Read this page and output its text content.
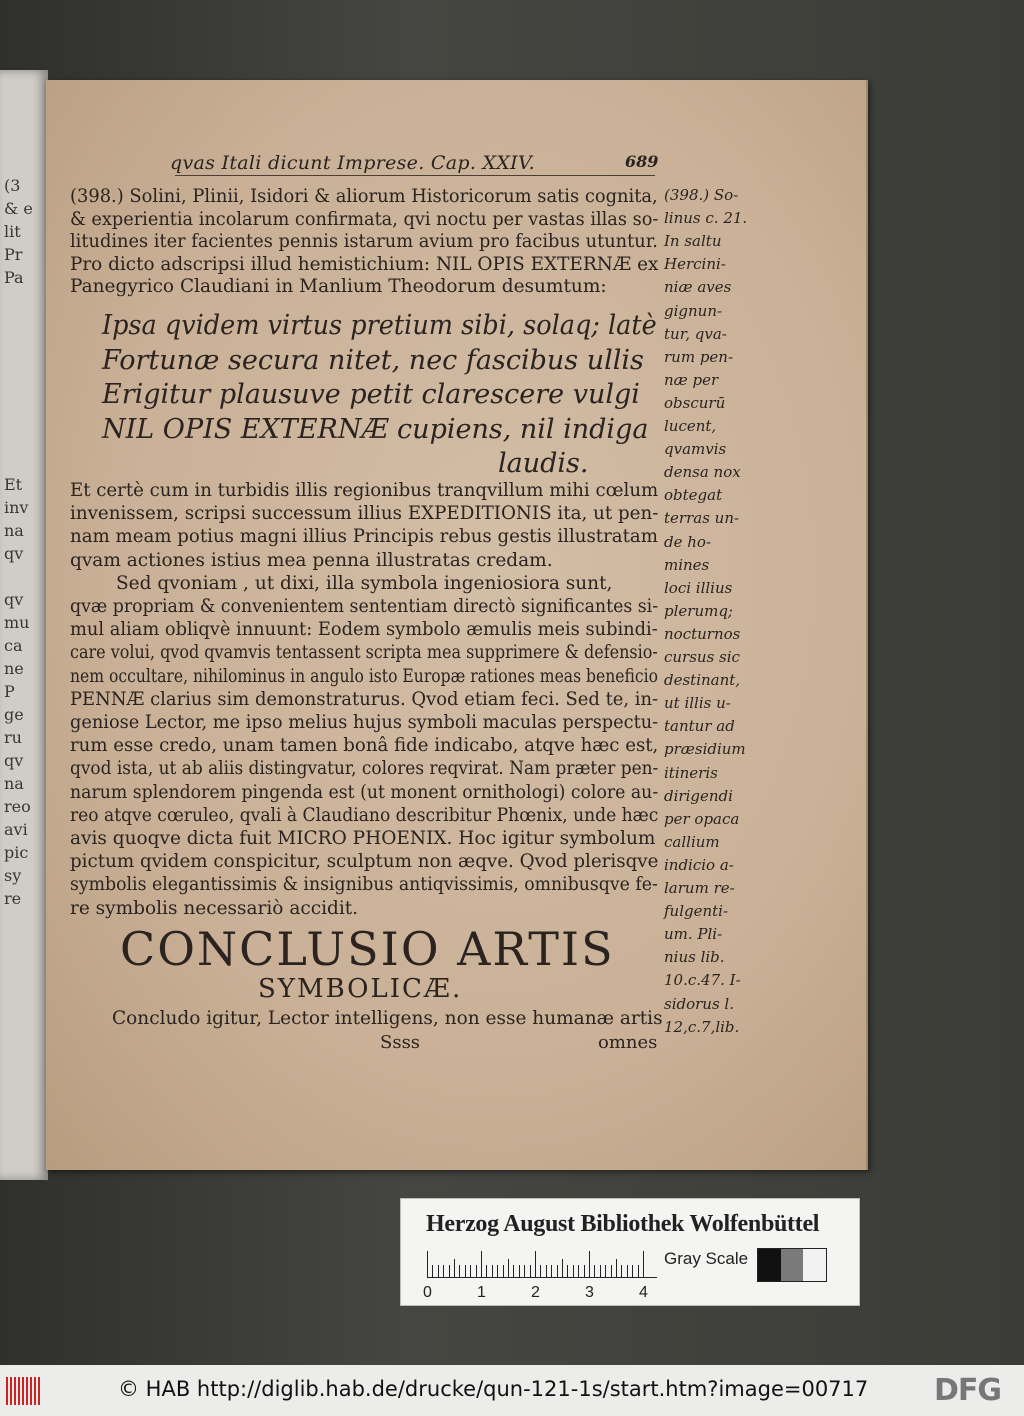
(3
& e
lit
Pr
Pa

Et
inv
na
qv

qv
mu
ca
ne
P
ge
ru
qv
na
reo
avi
pic
sy
re
qvas Itali dicunt Imprese. Cap. XXIV.	689
(398.) Solini, Plinii, Isidori & aliorum Historicorum satis cognita,
& experientia incolarum confirmata, qvi noctu per vastas illas so-
litudines iter facientes pennis istarum avium pro facibus utuntur.
Pro dicto adscripsi illud hemistichium: NIL OPIS EXTERNÆ ex
Panegyrico Claudiani in Manlium Theodorum desumtum:
Ipsa qvidem virtus pretium sibi, solaq; latè
Fortunæ secura nitet, nec fascibus ullis
Erigitur plausuve petit clarescere vulgi
NIL OPIS EXTERNÆ cupiens, nil indiga
laudis.
Et certè cum in turbidis illis regionibus tranqvillum mihi cœlum
invenissem, scripsi successum illius EXPEDITIONIS ita, ut pen-
nam meam potius magni illius Principis rebus gestis illustratam
qvam actiones istius mea penna illustratas credam.
Sed qvoniam , ut dixi, illa symbola ingeniosiora sunt,
qvæ propriam & convenientem sententiam directò significantes si-
mul aliam obliqvè innuunt: Eodem symbolo æmulis meis subindi-
care volui, qvod qvamvis tentassent scripta mea supprimere & defensio-
nem occultare, nihilominus in angulo isto Europæ rationes meas beneficio
PENNÆ clarius sim demonstraturus. Qvod etiam feci. Sed te, in-
geniose Lector, me ipso melius hujus symboli maculas perspectu-
rum esse credo, unam tamen bonâ fide indicabo, atqve hæc est,
qvod ista, ut ab aliis distingvatur, colores reqvirat. Nam præter pen-
narum splendorem pingenda est (ut monent ornithologi) colore au-
reo atqve cœruleo, qvali à Claudiano describitur Phœnix, unde hæc
avis quoqve dicta fuit MICRO PHOENIX. Hoc igitur symbolum
pictum qvidem conspicitur, sculptum non æqve. Qvod plerisqve
symbolis elegantissimis & insignibus antiqvissimis, omnibusqve fe-
re symbolis necessariò accidit.
CONCLUSIO ARTIS
SYMBOLICÆ.
Concludo igitur, Lector intelligens, non esse humanæ artis
Ssss	omnes
(398.) So-
linus c. 21.
In saltu
Hercini-
niæ aves
gignun-
tur, qva-
rum pen-
næ per
obscurū
lucent,
qvamvis
densa nox
obtegat
terras un-
de ho-
mines
loci illius
plerumq;
nocturnos
cursus sic
destinant,
ut illis u-
tantur ad
præsidium
itineris
dirigendi
per opaca
callium
indicio a-
larum re-
fulgenti-
um. Pli-
nius lib.
10.c.47. I-
sidorus l.
12,c.7,lib.
Herzog August Bibliothek Wolfenbüttel
0	1	2	3	4
Gray Scale
© HAB http://diglib.hab.de/drucke/qun-121-1s/start.htm?image=00717 DFG
